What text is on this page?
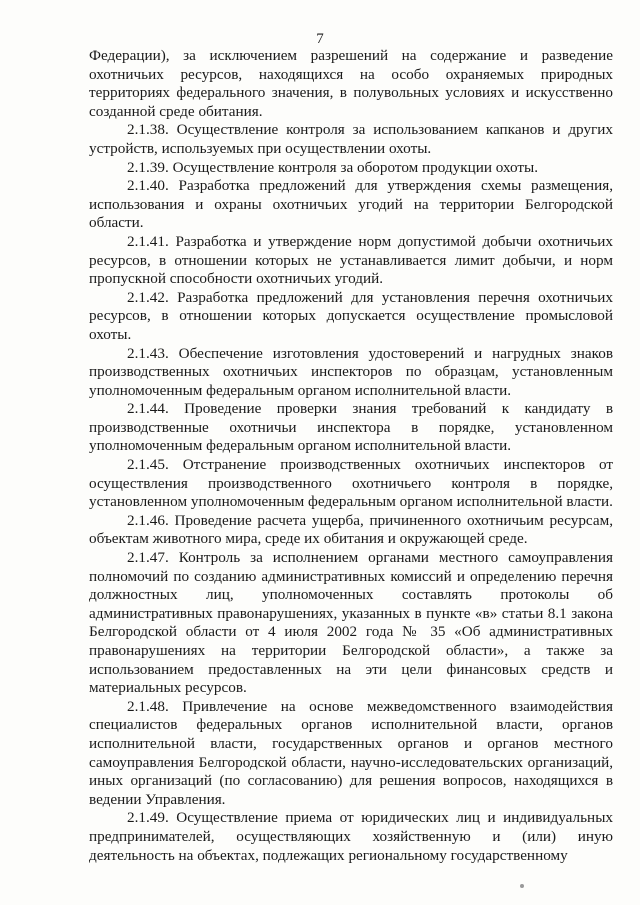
7

Федерации), за исключением разрешений на содержание и разведение охотничьих ресурсов, находящихся на особо охраняемых природных территориях федерального значения, в полувольных условиях и искусственно созданной среде обитания.

2.1.38. Осуществление контроля за использованием капканов и других устройств, используемых при осуществлении охоты.

2.1.39. Осуществление контроля за оборотом продукции охоты.

2.1.40. Разработка предложений для утверждения схемы размещения, использования и охраны охотничьих угодий на территории Белгородской области.

2.1.41. Разработка и утверждение норм допустимой добычи охотничьих ресурсов, в отношении которых не устанавливается лимит добычи, и норм пропускной способности охотничьих угодий.

2.1.42. Разработка предложений для установления перечня охотничьих ресурсов, в отношении которых допускается осуществление промысловой охоты.

2.1.43. Обеспечение изготовления удостоверений и нагрудных знаков производственных охотничьих инспекторов по образцам, установленным уполномоченным федеральным органом исполнительной власти.

2.1.44. Проведение проверки знания требований к кандидату в производственные охотничьи инспектора в порядке, установленном уполномоченным федеральным органом исполнительной власти.

2.1.45. Отстранение производственных охотничьих инспекторов от осуществления производственного охотничьего контроля в порядке, установленном уполномоченным федеральным органом исполнительной власти.

2.1.46. Проведение расчета ущерба, причиненного охотничьим ресурсам, объектам животного мира, среде их обитания и окружающей среде.

2.1.47. Контроль за исполнением органами местного самоуправления полномочий по созданию административных комиссий и определению перечня должностных лиц, уполномоченных составлять протоколы об административных правонарушениях, указанных в пункте «в» статьи 8.1 закона Белгородской области от 4 июля 2002 года № 35 «Об административных правонарушениях на территории Белгородской области», а также за использованием предоставленных на эти цели финансовых средств и материальных ресурсов.

2.1.48. Привлечение на основе межведомственного взаимодействия специалистов федеральных органов исполнительной власти, органов исполнительной власти, государственных органов и органов местного самоуправления Белгородской области, научно-исследовательских организаций, иных организаций (по согласованию) для решения вопросов, находящихся в ведении Управления.

2.1.49. Осуществление приема от юридических лиц и индивидуальных предпринимателей, осуществляющих хозяйственную и (или) иную деятельность на объектах, подлежащих региональному государственному
